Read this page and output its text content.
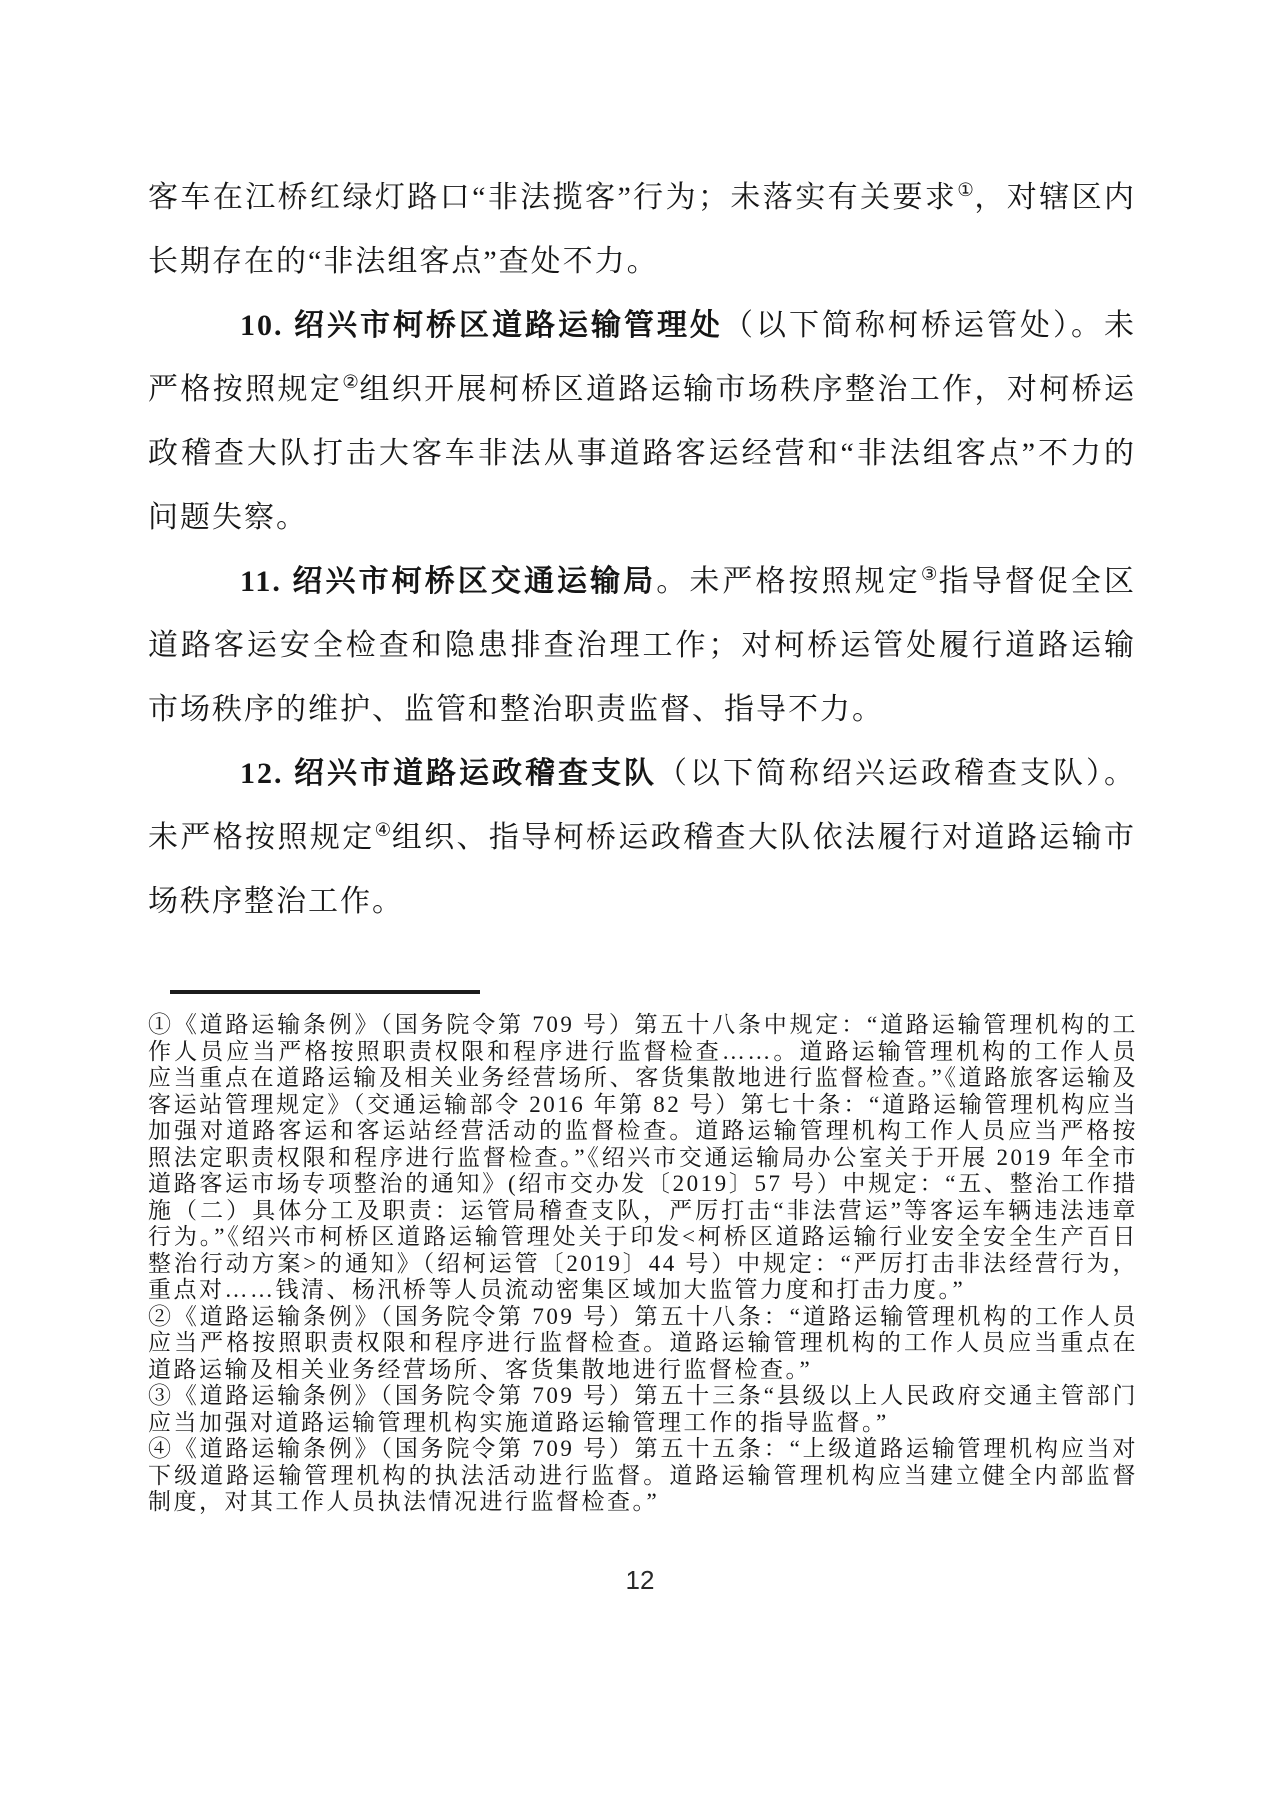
客车在江桥红绿灯路口“非法揽客”行为；未落实有关要求①，对辖区内长期存在的“非法组客点”查处不力。

10. 绍兴市柯桥区道路运输管理处（以下简称柯桥运管处）。未严格按照规定②组织开展柯桥区道路运输市场秩序整治工作，对柯桥运政稽查大队打击大客车非法从事道路客运经营和“非法组客点”不力的问题失察。

11. 绍兴市柯桥区交通运输局。未严格按照规定③指导督促全区道路客运安全检查和隐患排查治理工作；对柯桥运管处履行道路运输市场秩序的维护、监管和整治职责监督、指导不力。

12. 绍兴市道路运政稽查支队（以下简称绍兴运政稽查支队）。未严格按照规定④组织、指导柯桥运政稽查大队依法履行对道路运输市场秩序整治工作。

①《道路运输条例》（国务院令第 709 号）第五十八条中规定：“道路运输管理机构的工作人员应当严格按照职责权限和程序进行监督检查……。道路运输管理机构的工作人员应当重点在道路运输及相关业务经营场所、客货集散地进行监督检查。”《道路旅客运输及客运站管理规定》（交通运输部令 2016 年第 82 号）第七十条：“道路运输管理机构应当加强对道路客运和客运站经营活动的监督检查。道路运输管理机构工作人员应当严格按照法定职责权限和程序进行监督检查。”《绍兴市交通运输局办公室关于开展 2019 年全市道路客运市场专项整治的通知》(绍市交办发〔2019〕57 号）中规定：“五、整治工作措施（二）具体分工及职责：运管局稽查支队，严厉打击“非法营运”等客运车辆违法违章行为。”《绍兴市柯桥区道路运输管理处关于印发<柯桥区道路运输行业安全安全生产百日整治行动方案>的通知》（绍柯运管〔2019〕44 号）中规定：“严厉打击非法经营行为，重点对……钱清、杨汛桥等人员流动密集区域加大监管力度和打击力度。”

②《道路运输条例》（国务院令第 709 号）第五十八条：“道路运输管理机构的工作人员应当严格按照职责权限和程序进行监督检查。道路运输管理机构的工作人员应当重点在道路运输及相关业务经营场所、客货集散地进行监督检查。”

③《道路运输条例》（国务院令第 709 号）第五十三条“县级以上人民政府交通主管部门应当加强对道路运输管理机构实施道路运输管理工作的指导监督。”

④《道路运输条例》（国务院令第 709 号）第五十五条：“上级道路运输管理机构应当对下级道路运输管理机构的执法活动进行监督。道路运输管理机构应当建立健全内部监督制度，对其工作人员执法情况进行监督检查。”

12
